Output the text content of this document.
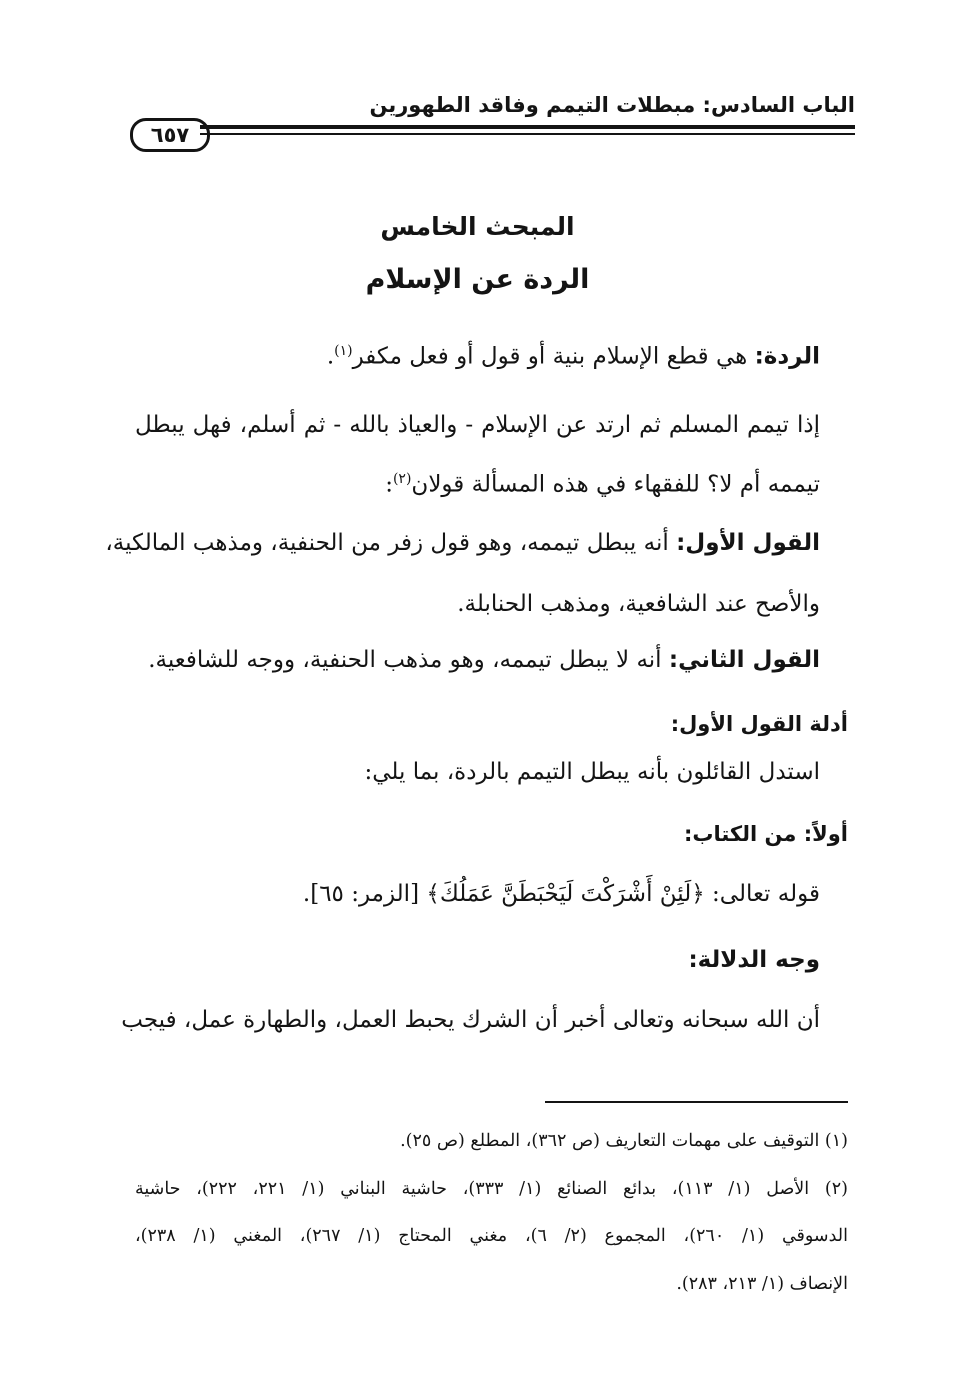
الباب السادس: مبطلات التيمم وفاقد الطهورين
٦٥٧
المبحث الخامس
الردة عن الإسلام
الردة: هي قطع الإسلام بنية أو قول أو فعل مكفر$^{(١)}$.
إذا تيمم المسلم ثم ارتد عن الإسلام - والعياذ بالله - ثم أسلم، فهل يبطل
تيممه أم لا؟ للفقهاء في هذه المسألة قولان$^{(٢)}$:
القول الأول: أنه يبطل تيممه، وهو قول زفر من الحنفية، ومذهب المالكية،
والأصح عند الشافعية، ومذهب الحنابلة.
القول الثاني: أنه لا يبطل تيممه، وهو مذهب الحنفية، ووجه للشافعية.
أدلة القول الأول:
استدل القائلون بأنه يبطل التيمم بالردة، بما يلي:
أولاً: من الكتاب:
قوله تعالى: ﴿لَئِنْ أَشْرَكْتَ لَيَحْبَطَنَّ عَمَلُكَ﴾ [الزمر: ٦٥].
وجه الدلالة:
أن الله سبحانه وتعالى أخبر أن الشرك يحبط العمل، والطهارة عمل، فيجب
(١) التوقيف على مهمات التعاريف (ص ٣٦٢)، المطلع (ص ٢٥).
(٢) الأصل (١/ ١١٣)، بدائع الصنائع (١/ ٣٣٣)، حاشية البناني (١/ ٢٢١، ٢٢٢)، حاشية
الدسوقي (١/ ٢٦٠)، المجموع (٢/ ٦)، مغني المحتاج (١/ ٢٦٧)، المغني (١/ ٢٣٨)،
الإنصاف (١/ ٢١٣، ٢٨٣).
